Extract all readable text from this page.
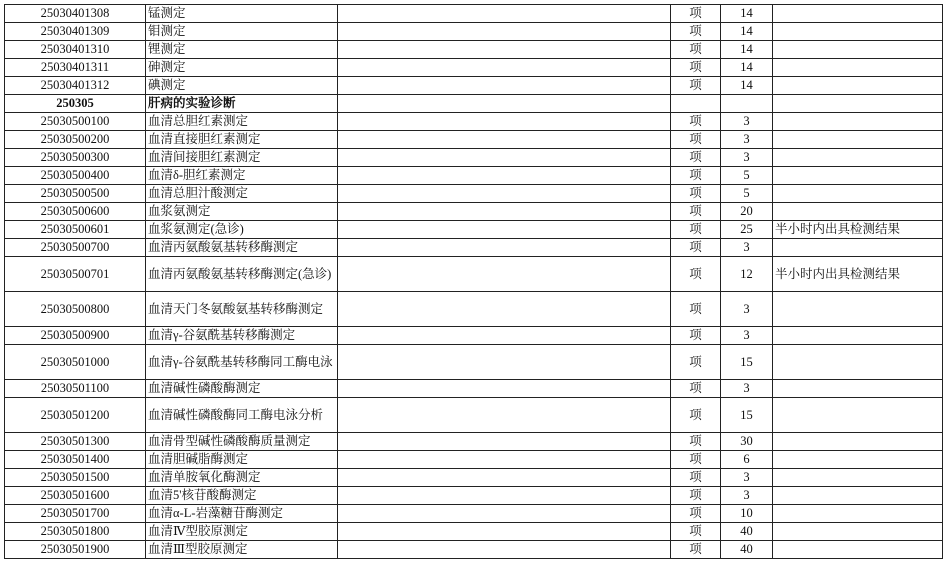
25030401308	锰测定		项	14	
25030401309	钼测定		项	14	
25030401310	锂测定		项	14	
25030401311	砷测定		项	14	
25030401312	碘测定		项	14	
250305	肝病的实验诊断				
25030500100	血清总胆红素测定		项	3	
25030500200	血清直接胆红素测定		项	3	
25030500300	血清间接胆红素测定		项	3	
25030500400	血清δ-胆红素测定		项	5	
25030500500	血清总胆汁酸测定		项	5	
25030500600	血浆氨测定		项	20	
25030500601	血浆氨测定(急诊)		项	25	半小时内出具检测结果
25030500700	血清丙氨酸氨基转移酶测定		项	3	
25030500701	血清丙氨酸氨基转移酶测定(急诊)		项	12	半小时内出具检测结果
25030500800	血清天门冬氨酸氨基转移酶测定		项	3	
25030500900	血清γ-谷氨酰基转移酶测定		项	3	
25030501000	血清γ-谷氨酰基转移酶同工酶电泳		项	15	
25030501100	血清碱性磷酸酶测定		项	3	
25030501200	血清碱性磷酸酶同工酶电泳分析		项	15	
25030501300	血清骨型碱性磷酸酶质量测定		项	30	
25030501400	血清胆碱脂酶测定		项	6	
25030501500	血清单胺氧化酶测定		项	3	
25030501600	血清5'核苷酸酶测定		项	3	
25030501700	血清α-L-岩藻糖苷酶测定		项	10	
25030501800	血清Ⅳ型胶原测定		项	40	
25030501900	血清Ⅲ型胶原测定		项	40	
